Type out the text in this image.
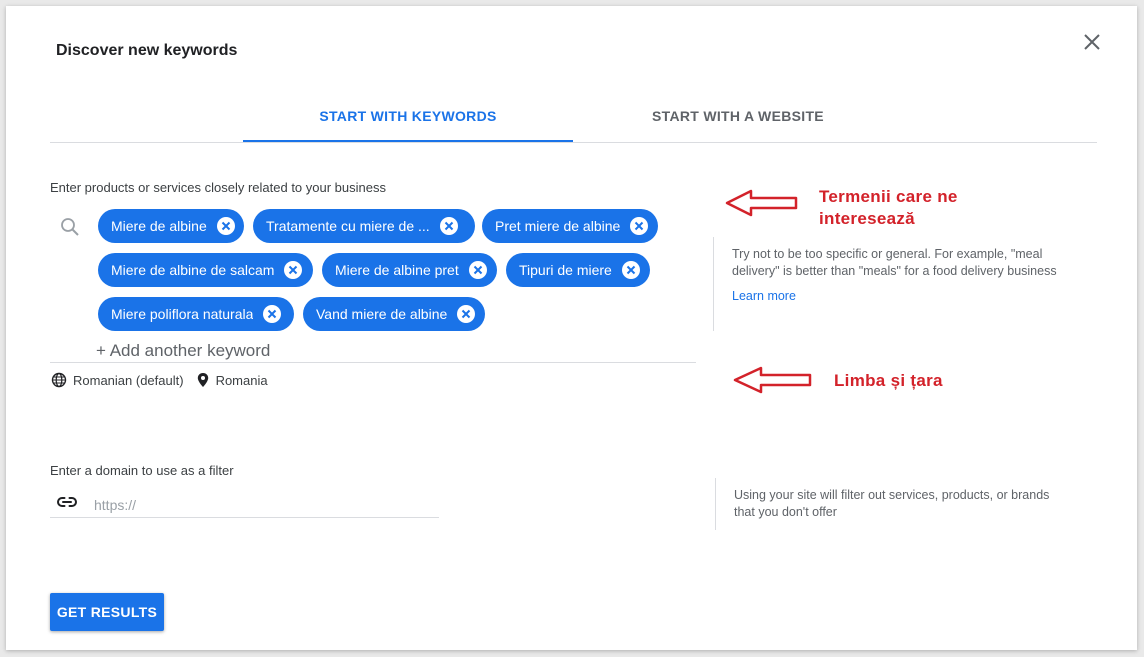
Discover new keywords
START WITH KEYWORDS	START WITH A WEBSITE
Enter products or services closely related to your business
Miere de albine	Tratamente cu miere de ...	Pret miere de albine
Miere de albine de salcam	Miere de albine pret	Tipuri de miere
Miere poliflora naturala	Vand miere de albine
+ Add another keyword
Romanian (default) Romania
Try not to be too specific or general. For example, "meal delivery" is better than "meals" for a food delivery business
Learn more
Enter a domain to use as a filter
https://
Using your site will filter out services, products, or brands that you don't offer
GET RESULTS
Termenii care ne
interesează
Limba și țara
